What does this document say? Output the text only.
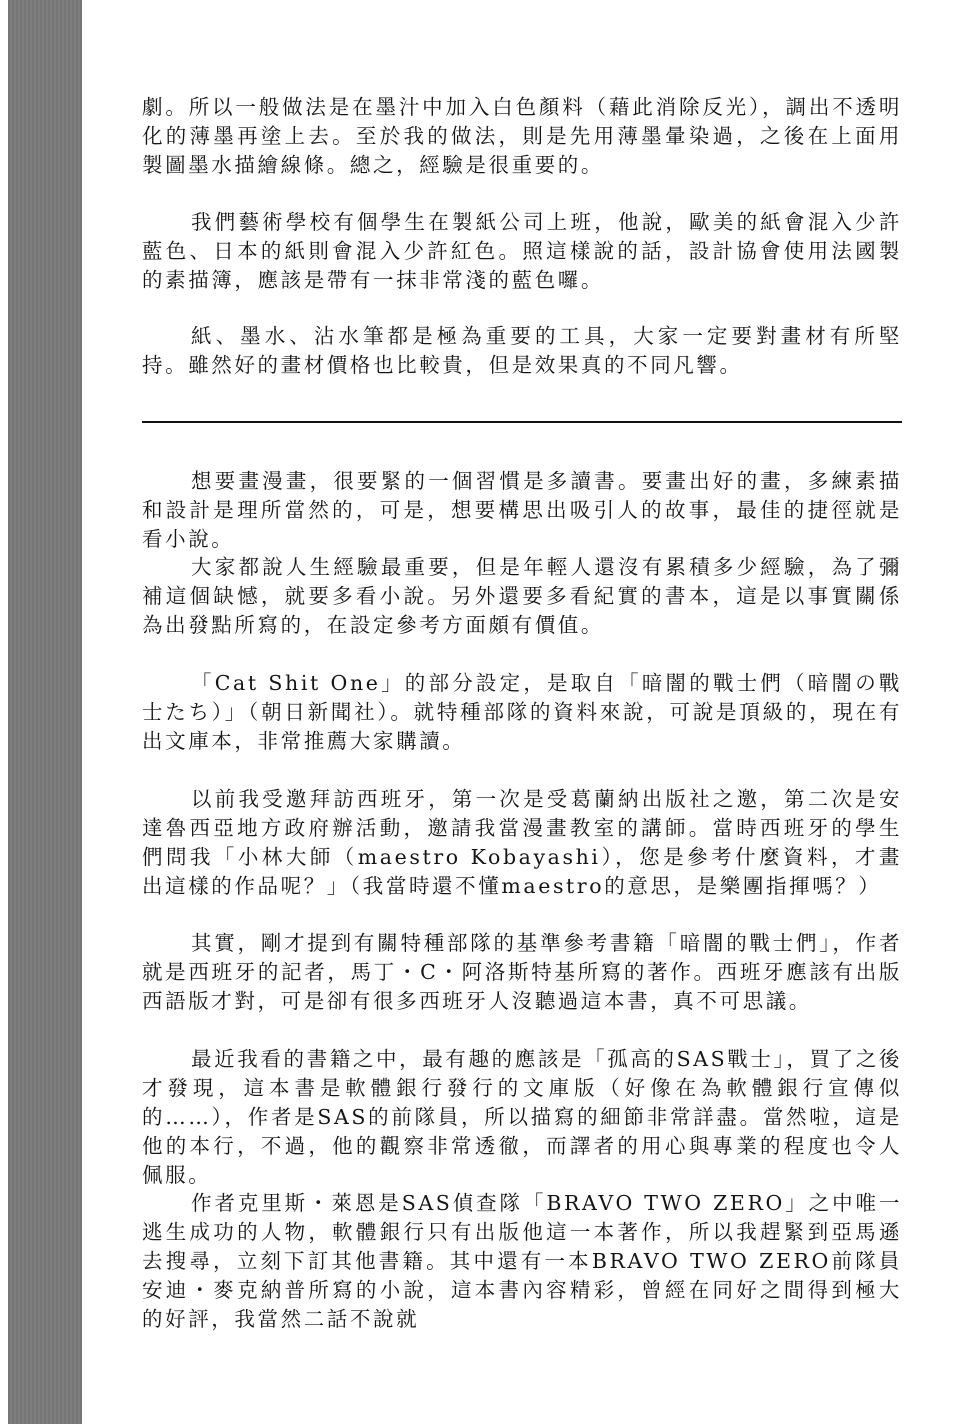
劇。所以一般做法是在墨汁中加入白色顏料（藉此消除反光），調出不透明化的薄墨再塗上去。至於我的做法，則是先用薄墨暈染過，之後在上面用製圖墨水描繪線條。總之，經驗是很重要的。

我們藝術學校有個學生在製紙公司上班，他說，歐美的紙會混入少許藍色、日本的紙則會混入少許紅色。照這樣說的話，設計協會使用法國製的素描簿，應該是帶有一抹非常淺的藍色囉。

紙、墨水、沾水筆都是極為重要的工具，大家一定要對畫材有所堅持。雖然好的畫材價格也比較貴，但是效果真的不同凡響。

想要畫漫畫，很要緊的一個習慣是多讀書。要畫出好的畫，多練素描和設計是理所當然的，可是，想要構思出吸引人的故事，最佳的捷徑就是看小說。

大家都說人生經驗最重要，但是年輕人還沒有累積多少經驗，為了彌補這個缺憾，就要多看小說。另外還要多看紀實的書本，這是以事實關係為出發點所寫的，在設定參考方面頗有價值。

「Cat Shit One」的部分設定，是取自「暗闇的戰士們（暗闇の戰士たち）」（朝日新聞社）。就特種部隊的資料來說，可說是頂級的，現在有出文庫本，非常推薦大家購讀。

以前我受邀拜訪西班牙，第一次是受葛蘭納出版社之邀，第二次是安達魯西亞地方政府辦活動，邀請我當漫畫教室的講師。當時西班牙的學生們問我「小林大師（maestro Kobayashi），您是參考什麼資料，才畫出這樣的作品呢？」（我當時還不懂maestro的意思，是樂團指揮嗎？）

其實，剛才提到有關特種部隊的基準參考書籍「暗闇的戰士們」，作者就是西班牙的記者，馬丁・C・阿洛斯特基所寫的著作。西班牙應該有出版西語版才對，可是卻有很多西班牙人沒聽過這本書，真不可思議。

最近我看的書籍之中，最有趣的應該是「孤高的SAS戰士」，買了之後才發現，這本書是軟體銀行發行的文庫版（好像在為軟體銀行宣傳似的……），作者是SAS的前隊員，所以描寫的細節非常詳盡。當然啦，這是他的本行，不過，他的觀察非常透徹，而譯者的用心與專業的程度也令人佩服。

作者克里斯・萊恩是SAS偵查隊「BRAVO TWO ZERO」之中唯一逃生成功的人物，軟體銀行只有出版他這一本著作，所以我趕緊到亞馬遜去搜尋，立刻下訂其他書籍。其中還有一本BRAVO TWO ZERO前隊員安迪・麥克納普所寫的小說，這本書內容精彩，曾經在同好之間得到極大的好評，我當然二話不說就
